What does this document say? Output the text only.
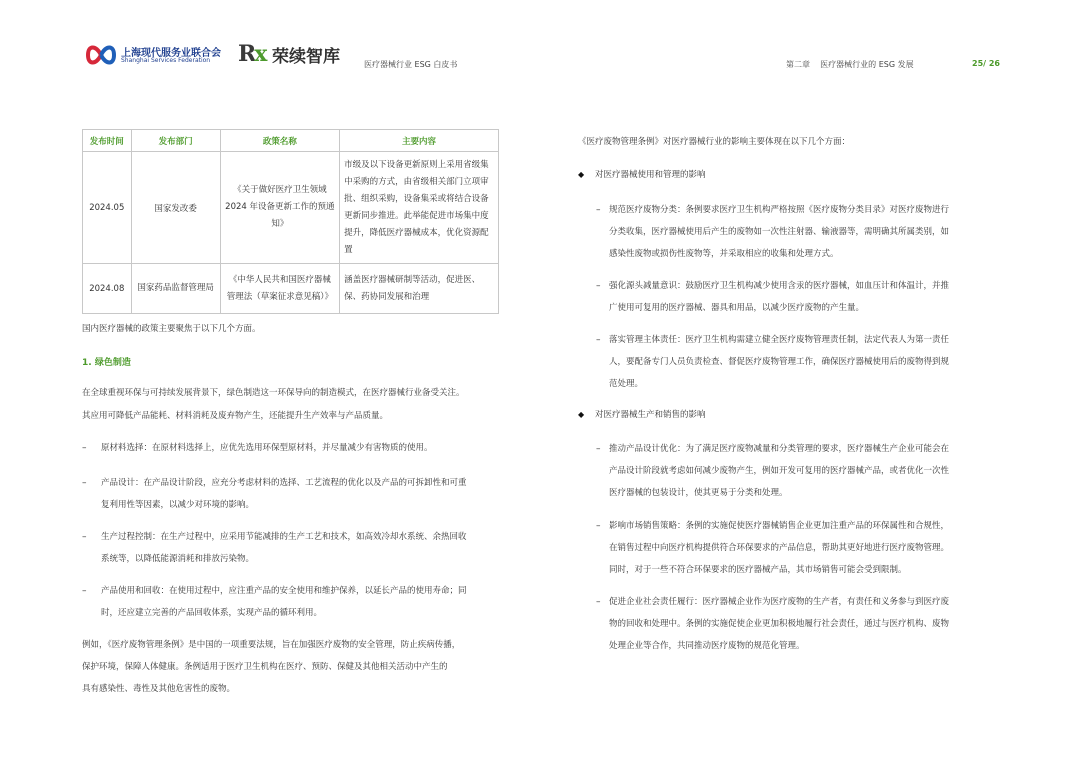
上海现代服务业联合会
Shanghai Services Federation Rx 荣续智库	医疗器械行业 ESG 白皮书	第二章    医疗器械行业的 ESG 发展	25/ 26
发布时间	发布部门	政策名称	主要内容
2024.05	国家发改委	《关于做好医疗卫生领域 2024 年设备更新工作的预通知》	市级及以下设备更新原则上采用省级集中采购的方式，由省级相关部门立项审批、组织采购，设备集采或将结合设备更新同步推进。此举能促进市场集中度提升，降低医疗器械成本，优化资源配置

2024.08	国家药品监督管理局	《中华人民共和国医疗器械管理法（草案征求意见稿）》	涵盖医疗器械研制等活动，促进医、保、药协同发展和治理
国内医疗器械的政策主要聚焦于以下几个方面。
1. 绿色制造
在全球重视环保与可持续发展背景下，绿色制造这一环保导向的制造模式，在医疗器械行业备受关注。
其应用可降低产品能耗、材料消耗及废弃物产生，还能提升生产效率与产品质量。
– 原材料选择：在原材料选择上，应优先选用环保型原材料，并尽量减少有害物质的使用。
– 产品设计：在产品设计阶段，应充分考虑材料的选择、工艺流程的优化以及产品的可拆卸性和可重
复利用性等因素，以减少对环境的影响。
– 生产过程控制：在生产过程中，应采用节能减排的生产工艺和技术，如高效冷却水系统、余热回收
系统等，以降低能源消耗和排放污染物。
– 产品使用和回收：在使用过程中，应注重产品的安全使用和维护保养，以延长产品的使用寿命；同
时，还应建立完善的产品回收体系，实现产品的循环利用。
例如，《医疗废物管理条例》是中国的一项重要法规，旨在加强医疗废物的安全管理，防止疾病传播，
保护环境，保障人体健康。条例适用于医疗卫生机构在医疗、预防、保健及其他相关活动中产生的
具有感染性、毒性及其他危害性的废物。
《医疗废物管理条例》对医疗器械行业的影响主要体现在以下几个方面：
◆ 对医疗器械使用和管理的影响
– 规范医疗废物分类：条例要求医疗卫生机构严格按照《医疗废物分类目录》对医疗废物进行
分类收集，医疗器械使用后产生的废物如一次性注射器、输液器等，需明确其所属类别，如
感染性废物或损伤性废物等，并采取相应的收集和处理方式。
– 强化源头减量意识：鼓励医疗卫生机构减少使用含汞的医疗器械，如血压计和体温计，并推
广使用可复用的医疗器械、器具和用品，以减少医疗废物的产生量。
– 落实管理主体责任：医疗卫生机构需建立健全医疗废物管理责任制，法定代表人为第一责任
人，要配备专门人员负责检查、督促医疗废物管理工作，确保医疗器械使用后的废物得到规
范处理。
◆ 对医疗器械生产和销售的影响
– 推动产品设计优化：为了满足医疗废物减量和分类管理的要求，医疗器械生产企业可能会在
产品设计阶段就考虑如何减少废物产生，例如开发可复用的医疗器械产品，或者优化一次性
医疗器械的包装设计，使其更易于分类和处理。
– 影响市场销售策略：条例的实施促使医疗器械销售企业更加注重产品的环保属性和合规性，
在销售过程中向医疗机构提供符合环保要求的产品信息，帮助其更好地进行医疗废物管理。
同时，对于一些不符合环保要求的医疗器械产品，其市场销售可能会受到限制。
– 促进企业社会责任履行：医疗器械企业作为医疗废物的生产者，有责任和义务参与到医疗废
物的回收和处理中。条例的实施促使企业更加积极地履行社会责任，通过与医疗机构、废物
处理企业等合作，共同推动医疗废物的规范化管理。
